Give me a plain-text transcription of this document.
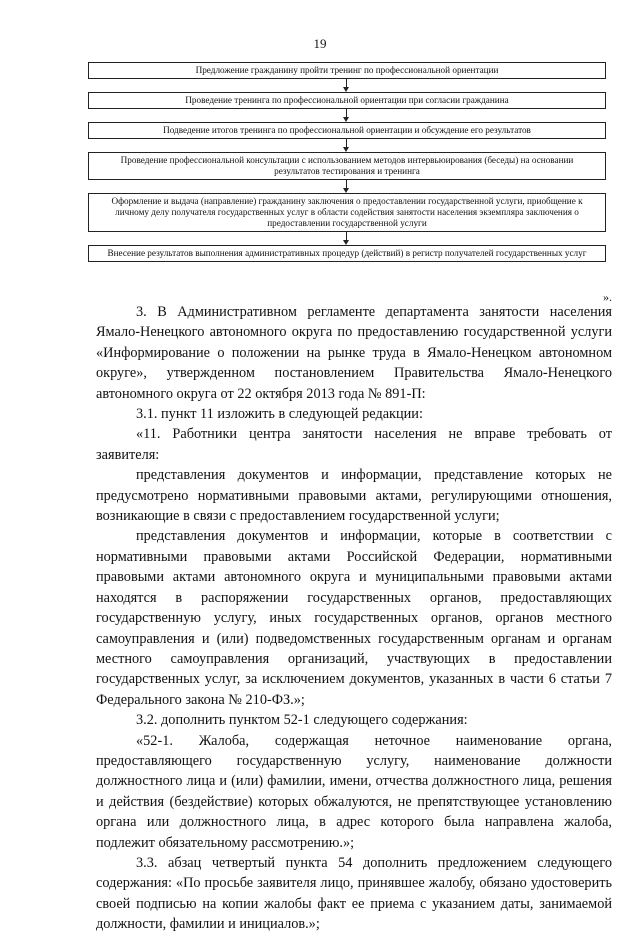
19
Предложение гражданину пройти тренинг по профессиональной ориентации
Проведение тренинга по профессиональной ориентации при согласии гражданина
Подведение итогов тренинга по профессиональной ориентации и обсуждение его результатов
Проведение профессиональной консультации с использованием методов интервьюирования (беседы) на основании результатов тестирования и тренинга
Оформление и выдача (направление) гражданину заключения о предоставлении государственной услуги, приобщение к личному делу получателя государственных услуг в области содействия занятости населения экземпляра заключения о предоставлении государственной услуги
Внесение результатов выполнения административных процедур (действий) в регистр получателей государственных услуг
».

3. В Административном регламенте департамента занятости населения Ямало-Ненецкого автономного округа по предоставлению государственной услуги «Информирование о положении на рынке труда в Ямало-Ненецком автономном округе», утвержденном постановлением Правительства Ямало-Ненецкого автономного округа от 22 октября 2013 года № 891-П:

3.1. пункт 11 изложить в следующей редакции:

«11. Работники центра занятости населения не вправе требовать от заявителя:

представления документов и информации, представление которых не предусмотрено нормативными правовыми актами, регулирующими отношения, возникающие в связи с предоставлением государственной услуги;

представления документов и информации, которые в соответствии с нормативными правовыми актами Российской Федерации, нормативными правовыми актами автономного округа и муниципальными правовыми актами находятся в распоряжении государственных органов, предоставляющих государственную услугу, иных государственных органов, органов местного самоуправления и (или) подведомственных государственным органам и органам местного самоуправления организаций, участвующих в предоставлении государственных услуг, за исключением документов, указанных в части 6 статьи 7 Федерального закона № 210-ФЗ.»;

3.2. дополнить пунктом 52-1 следующего содержания:

«52-1. Жалоба, содержащая неточное наименование органа, предоставляющего государственную услугу, наименование должности должностного лица и (или) фамилии, имени, отчества должностного лица, решения и действия (бездействие) которых обжалуются, не препятствующее установлению органа или должностного лица, в адрес которого была направлена жалоба, подлежит обязательному рассмотрению.»;

3.3. абзац четвертый пункта 54 дополнить предложением следующего содержания: «По просьбе заявителя лицо, принявшее жалобу, обязано удостоверить своей подписью на копии жалобы факт ее приема с указанием даты, занимаемой должности, фамилии и инициалов.»;
